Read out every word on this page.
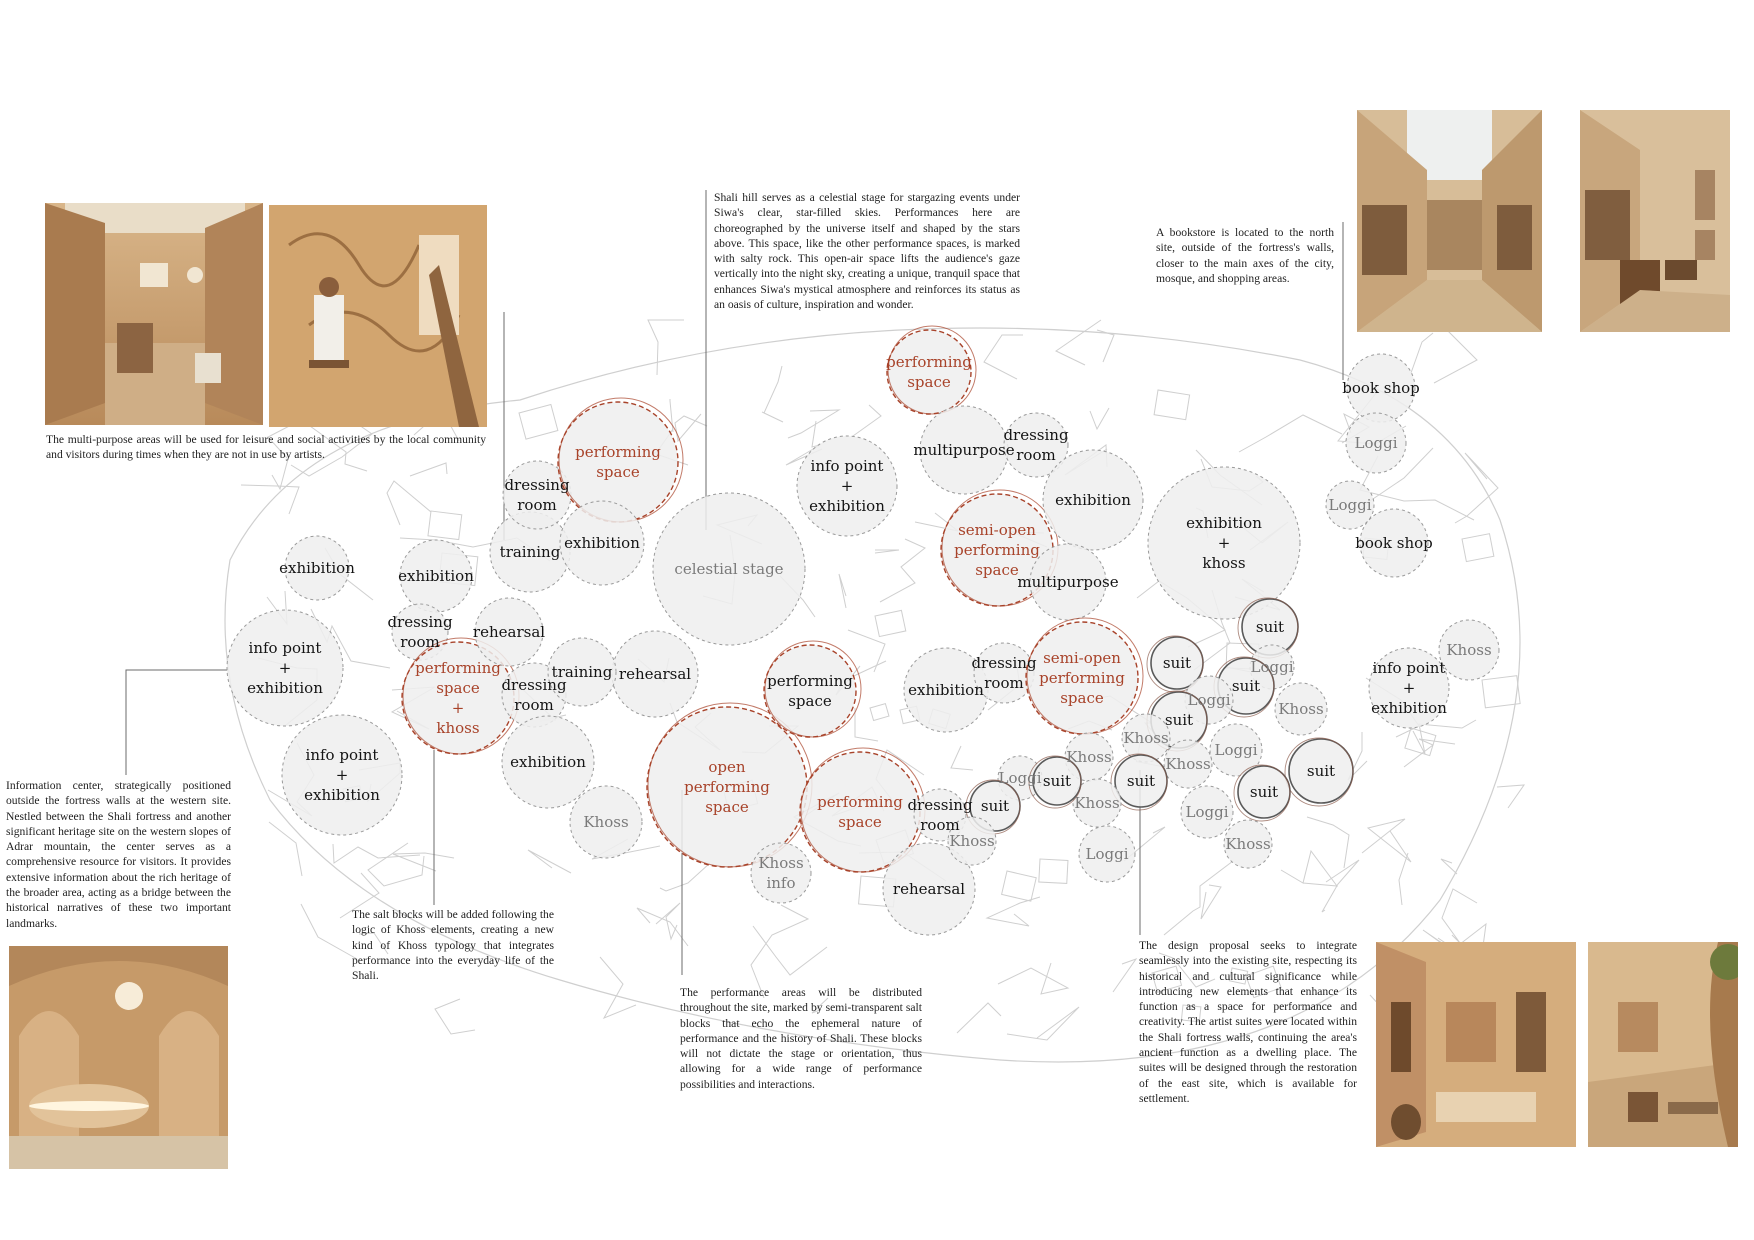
exhibition
info point
+
exhibition
info point
+
exhibition
exhibition
dressing
room
performing
space
+
khoss
rehearsal
dressing
room
training
exhibition
Khoss
rehearsal
training
dressing
room
performing
space
exhibition
celestial stage
open
performing
space
Khoss
info
performing
space
performing
space
rehearsal
info point
+
exhibition
performing
space
multipurpose
dressing
room
semi-open
performing
space
exhibition
multipurpose
exhibition
dressing
room
semi-open
performing
space
dressing
room
exhibition
+
khoss
book shop
Loggi
Loggi
book shop
suit
suit	Loggi
suit
Loggi	Khoss
suit
Khoss
Khoss
Loggi
suit
suit
Loggi	suit
Khoss
Khoss
suit
suit
Loggi
Loggi
Khoss	Khoss
info point
+
exhibition
Khoss
The multi-purpose areas will be used for leisure and social activities by the local community and visitors during times when they are not in use by artists.
Shali hill serves as a celestial stage for stargazing events under Siwa's clear, star-filled skies. Performances here are choreographed by the universe itself and shaped by the stars above. This space, like the other performance spaces, is marked with salty rock. This open-air space lifts the audience's gaze vertically into the night sky, creating a unique, tranquil space that enhances Siwa's mystical atmosphere and reinforces its status as an oasis of culture, inspiration and wonder.
A bookstore is located to the north site, outside of the fortress's walls, closer to the main axes of the city, mosque, and shopping areas.
Information center, strategically positioned outside the fortress walls at the western site. Nestled between the Shali fortress and another significant heritage site on the western slopes of Adrar mountain, the center serves as a comprehensive resource for visitors. It provides extensive information about the rich heritage of the broader area, acting as a bridge between the historical narratives of these two important landmarks.
The salt blocks will be added following the logic of Khoss elements, creating a new kind of Khoss typology that integrates performance into the everyday life of the Shali.
The performance areas will be distributed throughout the site, marked by semi-transparent salt blocks that echo the ephemeral nature of performance and the history of Shali. These blocks will not dictate the stage or orientation, thus allowing for a wide range of performance possibilities and interactions.
The design proposal seeks to integrate seamlessly into the existing site, respecting its historical and cultural significance while introducing new elements that enhance its function as a space for performance and creativity. The artist suites were located within the Shali fortress walls, continuing the area's ancient function as a dwelling place. The suites will be designed through the restoration of the east site, which is available for settlement.
